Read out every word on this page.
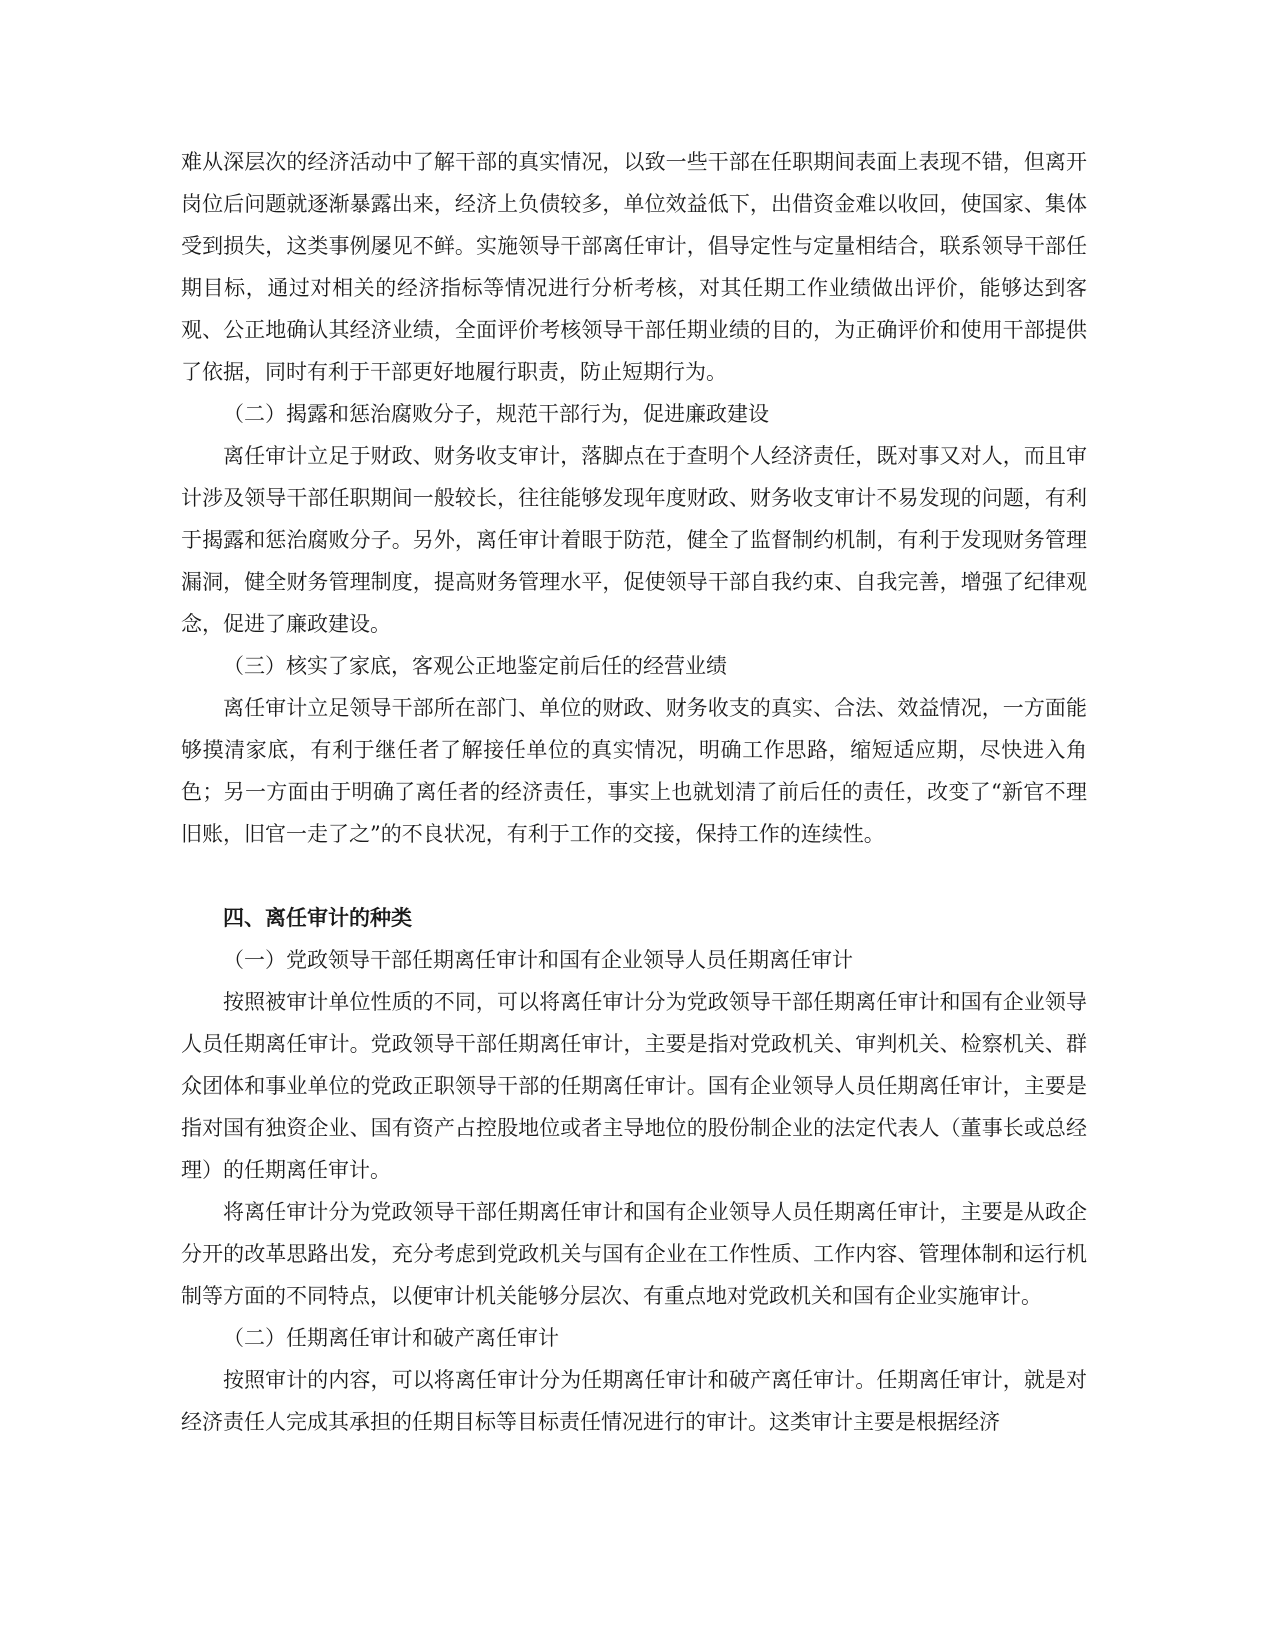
难从深层次的经济活动中了解干部的真实情况，以致一些干部在任职期间表面上表现不错，但离开岗位后问题就逐渐暴露出来，经济上负债较多，单位效益低下，出借资金难以收回，使国家、集体受到损失，这类事例屡见不鲜。实施领导干部离任审计，倡导定性与定量相结合，联系领导干部任期目标，通过对相关的经济指标等情况进行分析考核，对其任期工作业绩做出评价，能够达到客观、公正地确认其经济业绩，全面评价考核领导干部任期业绩的目的，为正确评价和使用干部提供了依据，同时有利于干部更好地履行职责，防止短期行为。

（二）揭露和惩治腐败分子，规范干部行为，促进廉政建设

离任审计立足于财政、财务收支审计，落脚点在于查明个人经济责任，既对事又对人，而且审计涉及领导干部任职期间一般较长，往往能够发现年度财政、财务收支审计不易发现的问题，有利于揭露和惩治腐败分子。另外，离任审计着眼于防范，健全了监督制约机制，有利于发现财务管理漏洞，健全财务管理制度，提高财务管理水平，促使领导干部自我约束、自我完善，增强了纪律观念，促进了廉政建设。

（三）核实了家底，客观公正地鉴定前后任的经营业绩

离任审计立足领导干部所在部门、单位的财政、财务收支的真实、合法、效益情况，一方面能够摸清家底，有利于继任者了解接任单位的真实情况，明确工作思路，缩短适应期，尽快进入角色；另一方面由于明确了离任者的经济责任，事实上也就划清了前后任的责任，改变了“新官不理旧账，旧官一走了之”的不良状况，有利于工作的交接，保持工作的连续性。

四、离任审计的种类

（一）党政领导干部任期离任审计和国有企业领导人员任期离任审计

按照被审计单位性质的不同，可以将离任审计分为党政领导干部任期离任审计和国有企业领导人员任期离任审计。党政领导干部任期离任审计，主要是指对党政机关、审判机关、检察机关、群众团体和事业单位的党政正职领导干部的任期离任审计。国有企业领导人员任期离任审计，主要是指对国有独资企业、国有资产占控股地位或者主导地位的股份制企业的法定代表人（董事长或总经理）的任期离任审计。

将离任审计分为党政领导干部任期离任审计和国有企业领导人员任期离任审计，主要是从政企分开的改革思路出发，充分考虑到党政机关与国有企业在工作性质、工作内容、管理体制和运行机制等方面的不同特点，以便审计机关能够分层次、有重点地对党政机关和国有企业实施审计。

（二）任期离任审计和破产离任审计

按照审计的内容，可以将离任审计分为任期离任审计和破产离任审计。任期离任审计，就是对经济责任人完成其承担的任期目标等目标责任情况进行的审计。这类审计主要是根据经济
